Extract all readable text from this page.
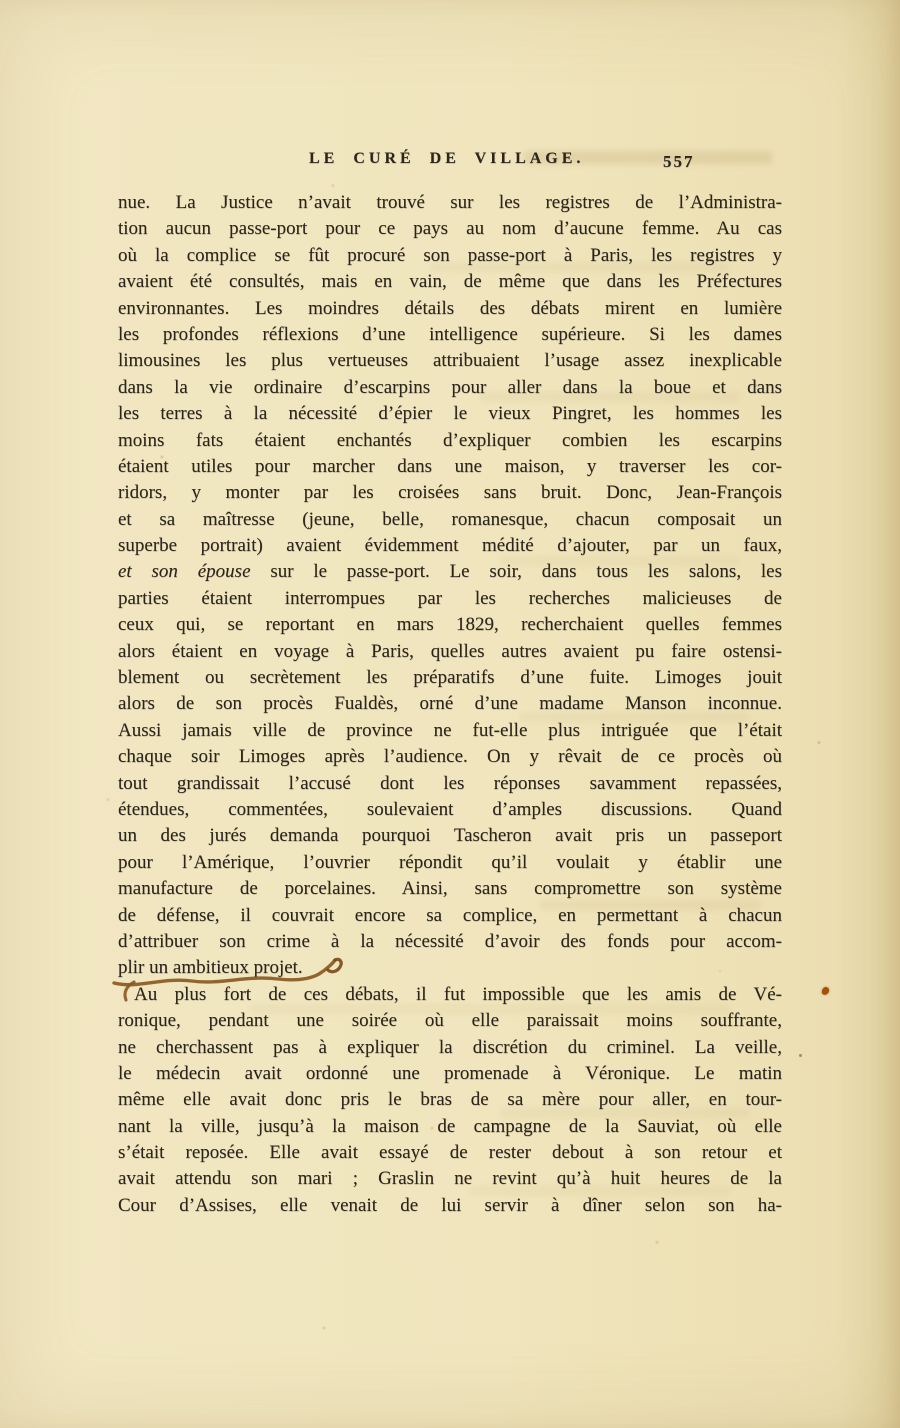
LE CURÉ DE VILLAGE.	557
nue. La Justice n’avait trouvé sur les registres de l’Administra-
tion aucun passe-port pour ce pays au nom d’aucune femme. Au cas
où la complice se fût procuré son passe-port à Paris, les registres y
avaient été consultés, mais en vain, de même que dans les Préfectures
environnantes. Les moindres détails des débats mirent en lumière
les profondes réflexions d’une intelligence supérieure. Si les dames
limousines les plus vertueuses attribuaient l’usage assez inexplicable
dans la vie ordinaire d’escarpins pour aller dans la boue et dans
les terres à la nécessité d’épier le vieux Pingret, les hommes les
moins fats étaient enchantés d’expliquer combien les escarpins
étaient utiles pour marcher dans une maison, y traverser les cor-
ridors, y monter par les croisées sans bruit. Donc, Jean-François
et sa maîtresse (jeune, belle, romanesque, chacun composait un
superbe portrait) avaient évidemment médité d’ajouter, par un faux,
et son épouse sur le passe-port. Le soir, dans tous les salons, les
parties étaient interrompues par les recherches malicieuses de
ceux qui, se reportant en mars 1829, recherchaient quelles femmes
alors étaient en voyage à Paris, quelles autres avaient pu faire ostensi-
blement ou secrètement les préparatifs d’une fuite. Limoges jouit
alors de son procès Fualdès, orné d’une madame Manson inconnue.
Aussi jamais ville de province ne fut-elle plus intriguée que l’était
chaque soir Limoges après l’audience. On y rêvait de ce procès où
tout grandissait l’accusé dont les réponses savamment repassées,
étendues, commentées, soulevaient d’amples discussions. Quand
un des jurés demanda pourquoi Tascheron avait pris un passeport
pour l’Amérique, l’ouvrier répondit qu’il voulait y établir une
manufacture de porcelaines. Ainsi, sans compromettre son système
de défense, il couvrait encore sa complice, en permettant à chacun
d’attribuer son crime à la nécessité d’avoir des fonds pour accom-
plir un ambitieux projet.
Au plus fort de ces débats, il fut impossible que les amis de Vé-
ronique, pendant une soirée où elle paraissait moins souffrante,
ne cherchassent pas à expliquer la discrétion du criminel. La veille,
le médecin avait ordonné une promenade à Véronique. Le matin
même elle avait donc pris le bras de sa mère pour aller, en tour-
nant la ville, jusqu’à la maison de campagne de la Sauviat, où elle
s’était reposée. Elle avait essayé de rester debout à son retour et
avait attendu son mari ; Graslin ne revint qu’à huit heures de la
Cour d’Assises, elle venait de lui servir à dîner selon son ha-
